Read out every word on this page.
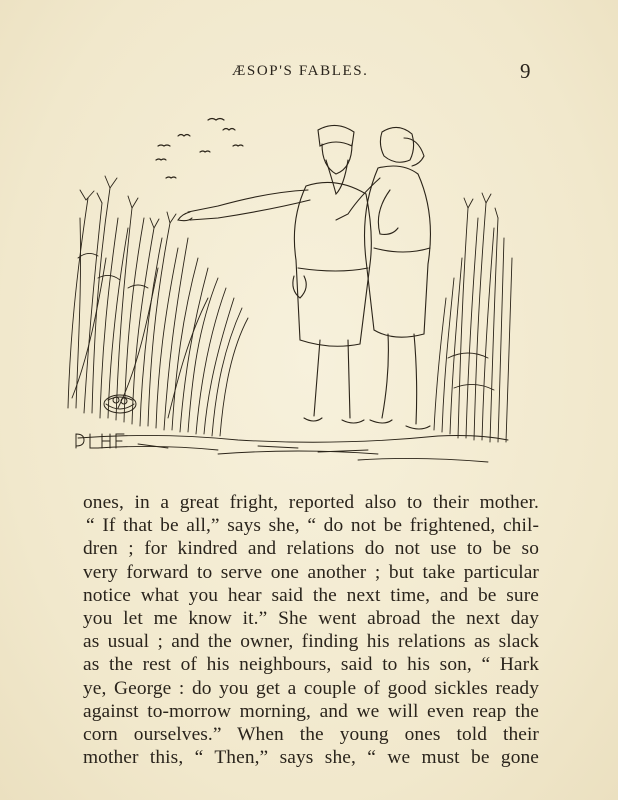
ÆSOP'S FABLES.	9
ones, in a great fright, reported also to their mother.
“ If that be all,” says she, “ do not be frightened, chil-
dren ; for kindred and relations do not use to be so
very forward to serve one another ; but take particular
notice what you hear said the next time, and be sure
you let me know it.” She went abroad the next day
as usual ; and the owner, finding his relations as slack
as the rest of his neighbours, said to his son, “ Hark
ye, George : do you get a couple of good sickles ready
against to-morrow morning, and we will even reap the
corn ourselves.” When the young ones told their
mother this, “ Then,” says she, “ we must be gone
